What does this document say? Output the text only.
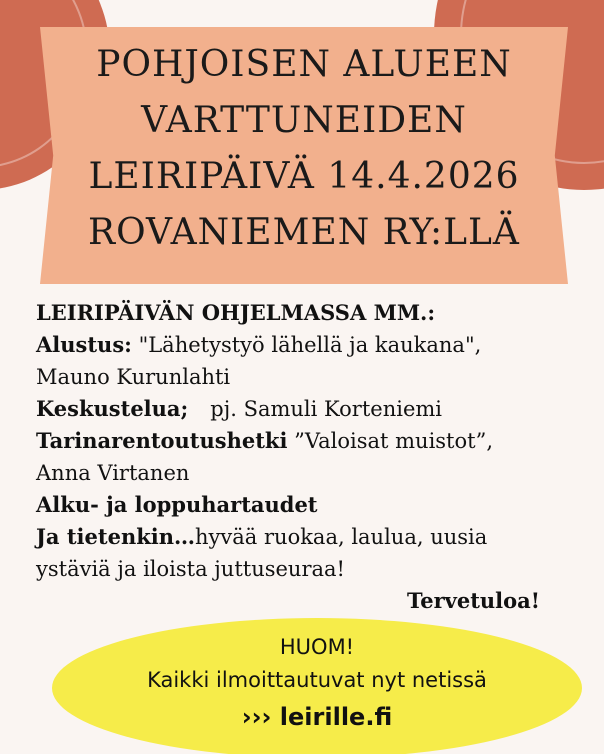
POHJOISEN ALUEEN
VARTTUNEIDEN
LEIRIPÄIVÄ 14.4.2026
ROVANIEMEN RY:LLÄ
LEIRIPÄIVÄN OHJELMASSA MM.:
Alustus: "Lähetystyö lähellä ja kaukana",
Mauno Kurunlahti
Keskustelua; pj. Samuli Korteniemi
Tarinarentoutushetki ”Valoisat muistot”,
Anna Virtanen
Alku- ja loppuhartaudet
Ja tietenkin…hyvää ruokaa, laulua, uusia
ystäviä ja iloista juttuseuraa!
Tervetuloa!
HUOM!
Kaikki ilmoittautuvat nyt netissä
››› leirille.fi
